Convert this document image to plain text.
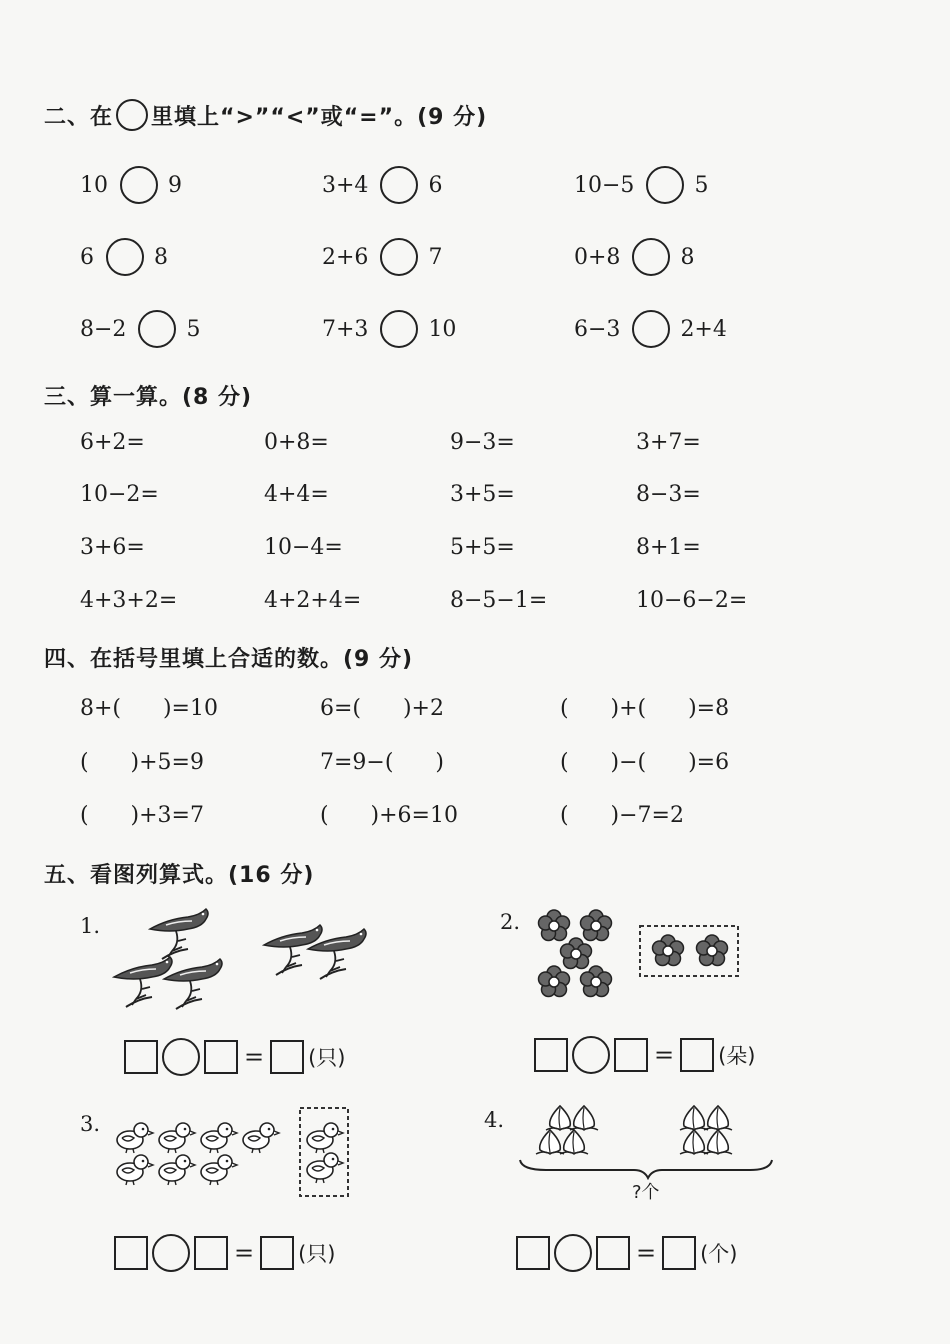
二、在 里填上“>”“<”或“=”。(9 分)
10	9	3+4	6	10−5	5
6	8	2+6	7	0+8	8
8−2	5	7+3	10	6−3	2+4
三、算一算。(8 分)
6+2=	0+8=	9−3=	3+7=
10−2=	4+4=	3+5=	8−3=
3+6=	10−4=	5+5=	8+1=
4+3+2=	4+2+4=	8−5−1=	10−6−2=
四、在括号里填上合适的数。(9 分)
8+(      )=10	6=(      )+2	(      )+(      )=8
(      )+5=9	7=9−(      )	(      )−(      )=6
(      )+3=7	(      )+6=10	(      )−7=2
五、看图列算式。(16 分)
1.
= (只)
2.
= (朵)
3.
= (只)
4.
?个
= (个)
